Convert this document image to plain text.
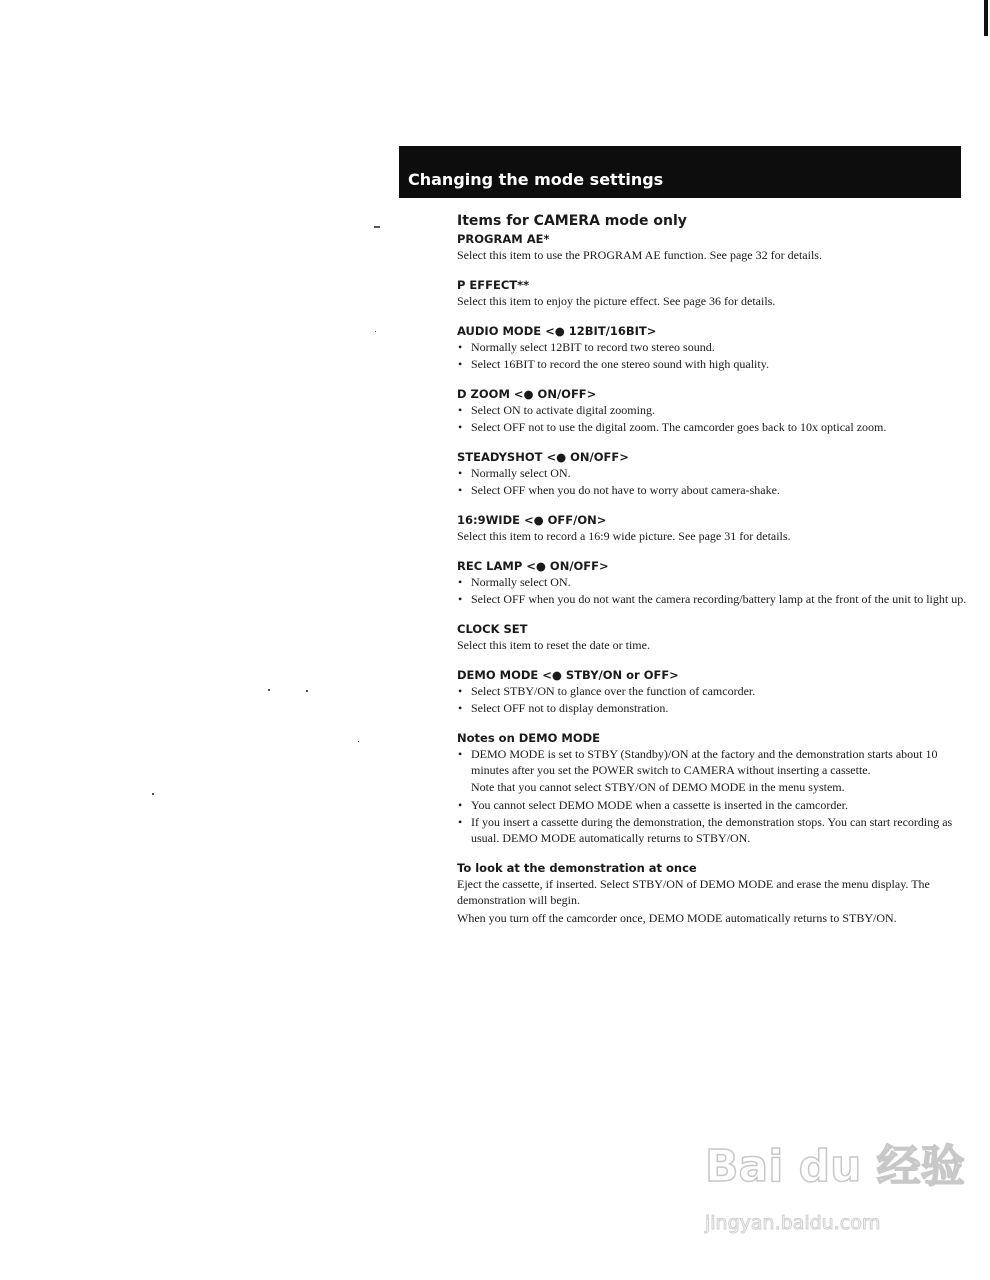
Changing the mode settings
Items for CAMERA mode only
PROGRAM AE*
Select this item to use the PROGRAM AE function. See page 32 for details.
P EFFECT**
Select this item to enjoy the picture effect. See page 36 for details.
AUDIO MODE <● 12BIT/16BIT>
• Normally select 12BIT to record two stereo sound.
• Select 16BIT to record the one stereo sound with high quality.
D ZOOM <● ON/OFF>
• Select ON to activate digital zooming.
• Select OFF not to use the digital zoom. The camcorder goes back to 10x optical zoom.
STEADYSHOT <● ON/OFF>
• Normally select ON.
• Select OFF when you do not have to worry about camera-shake.
16:9WIDE <● OFF/ON>
Select this item to record a 16:9 wide picture. See page 31 for details.
REC LAMP <● ON/OFF>
• Normally select ON.
• Select OFF when you do not want the camera recording/battery lamp at the front of the unit to light up.
CLOCK SET
Select this item to reset the date or time.
DEMO MODE <● STBY/ON or OFF>
• Select STBY/ON to glance over the function of camcorder.
• Select OFF not to display demonstration.
Notes on DEMO MODE
• DEMO MODE is set to STBY (Standby)/ON at the factory and the demonstration starts about 10 minutes after you set the POWER switch to CAMERA without inserting a cassette.
Note that you cannot select STBY/ON of DEMO MODE in the menu system.
• You cannot select DEMO MODE when a cassette is inserted in the camcorder.
• If you insert a cassette during the demonstration, the demonstration stops. You can start recording as usual. DEMO MODE automatically returns to STBY/ON.
To look at the demonstration at once
Eject the cassette, if inserted. Select STBY/ON of DEMO MODE and erase the menu display. The demonstration will begin.
When you turn off the camcorder once, DEMO MODE automatically returns to STBY/ON.
Bai du 经验
jingyan.baidu.com
